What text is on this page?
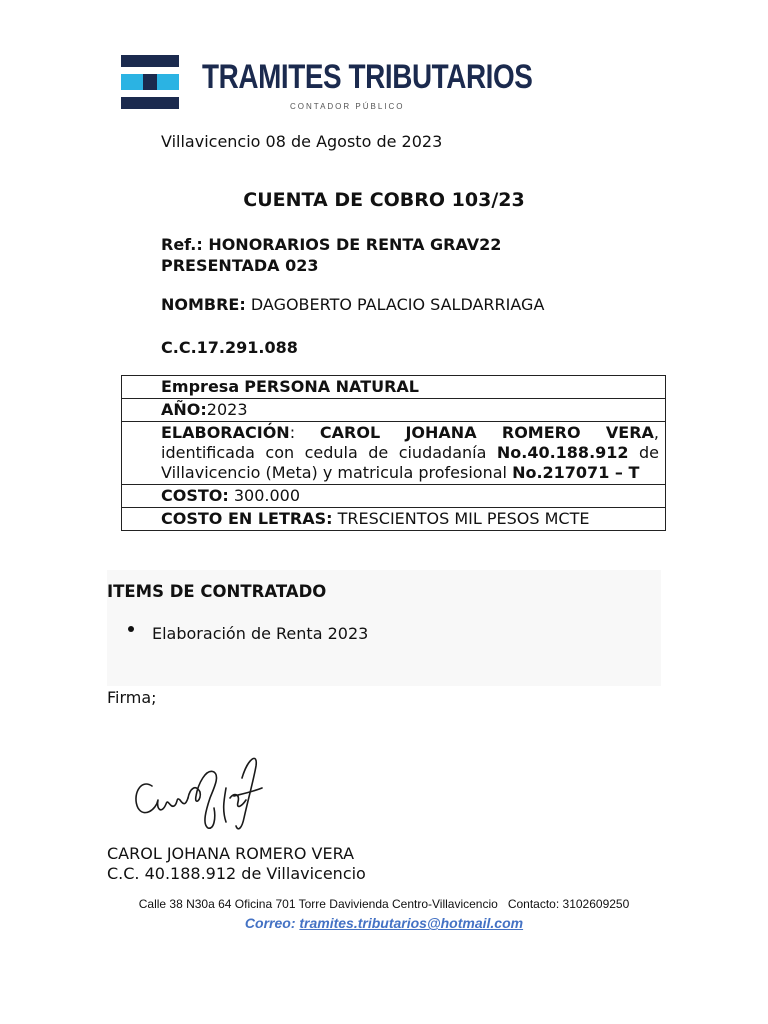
TRAMITES TRIBUTARIOS
CONTADOR PÚBLICO
Villavicencio 08 de Agosto de 2023
CUENTA DE COBRO 103/23
Ref.: HONORARIOS DE RENTA GRAV22
PRESENTADA 023
NOMBRE: DAGOBERTO PALACIO SALDARRIAGA
C.C.17.291.088
Empresa PERSONA NATURAL
AÑO:2023
ELABORACIÓN: CAROL JOHANA ROMERO VERA, identificada con cedula de ciudadanía No.40.188.912 de Villavicencio (Meta) y matricula profesional No.217071 – T
COSTO: 300.000
COSTO EN LETRAS: TRESCIENTOS MIL PESOS MCTE
ITEMS DE CONTRATADO
Elaboración de Renta 2023
Firma;
CAROL JOHANA ROMERO VERA
C.C. 40.188.912 de Villavicencio
Calle 38 N30a 64 Oficina 701 Torre Davivienda Centro-Villavicencio   Contacto: 3102609250
Correo: tramites.tributarios@hotmail.com
